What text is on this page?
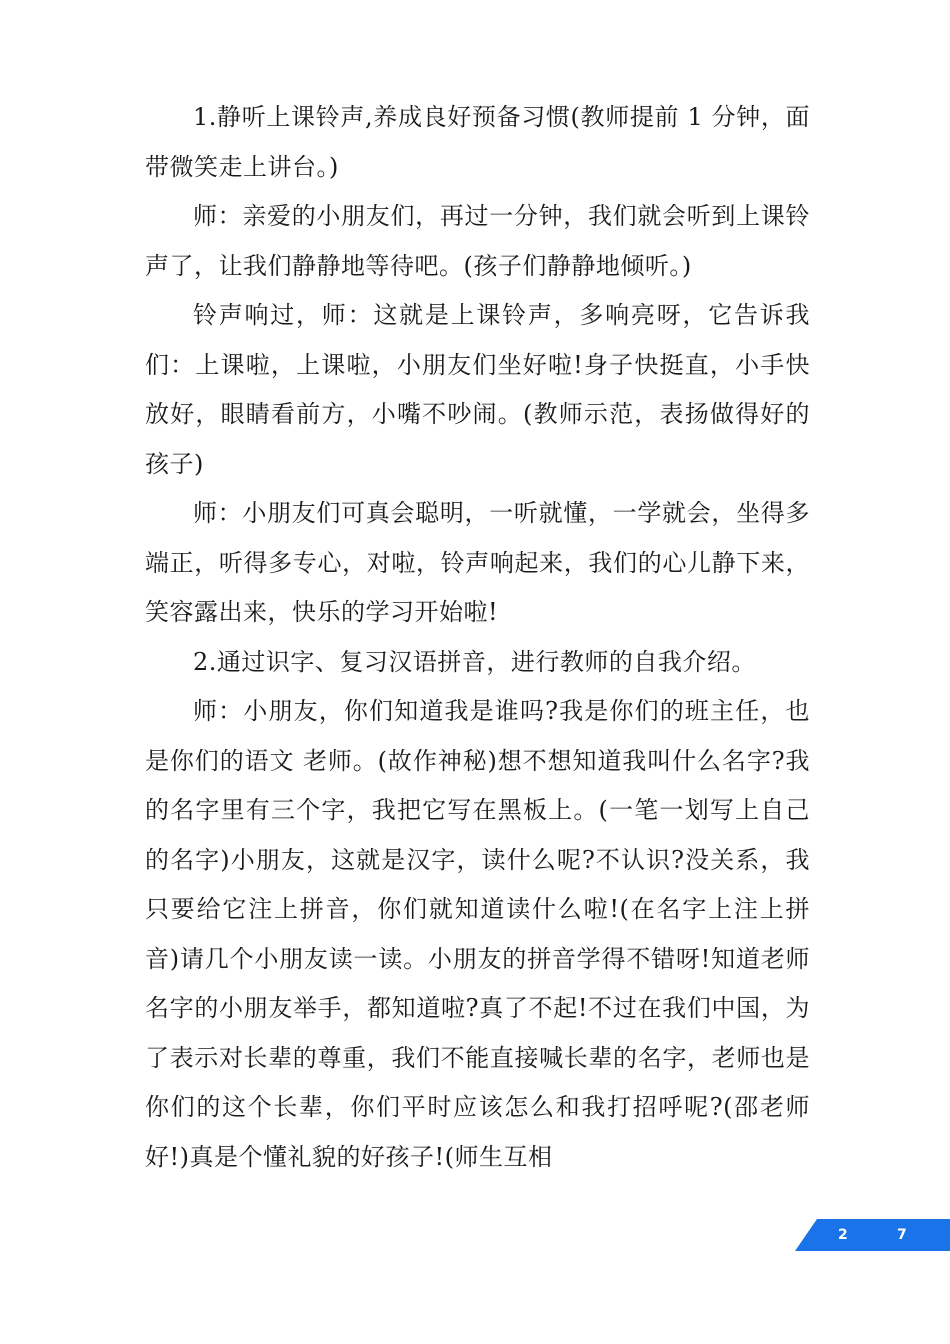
1.静听上课铃声,养成良好预备习惯(教师提前 1 分钟，面带微笑走上讲台。)

师：亲爱的小朋友们，再过一分钟，我们就会听到上课铃声了，让我们静静地等待吧。(孩子们静静地倾听。)

铃声响过，师：这就是上课铃声，多响亮呀，它告诉我们：上课啦，上课啦，小朋友们坐好啦!身子快挺直，小手快放好，眼睛看前方，小嘴不吵闹。(教师示范，表扬做得好的孩子)

师：小朋友们可真会聪明，一听就懂，一学就会，坐得多端正，听得多专心，对啦，铃声响起来，我们的心儿静下来，笑容露出来，快乐的学习开始啦!

2.通过识字、复习汉语拼音，进行教师的自我介绍。

师：小朋友，你们知道我是谁吗?我是你们的班主任，也是你们的语文 老师。(故作神秘)想不想知道我叫什么名字?我的名字里有三个字，我把它写在黑板上。(一笔一划写上自己的名字)小朋友，这就是汉字，读什么呢?不认识?没关系，我只要给它注上拼音，你们就知道读什么啦!(在名字上注上拼音)请几个小朋友读一读。小朋友的拼音学得不错呀!知道老师名字的小朋友举手，都知道啦?真了不起!不过在我们中国，为了表示对长辈的尊重，我们不能直接喊长辈的名字，老师也是你们的这个长辈，你们平时应该怎么和我打招呼呢?(邵老师好!)真是个懂礼貌的好孩子!(师生互相

2	7
